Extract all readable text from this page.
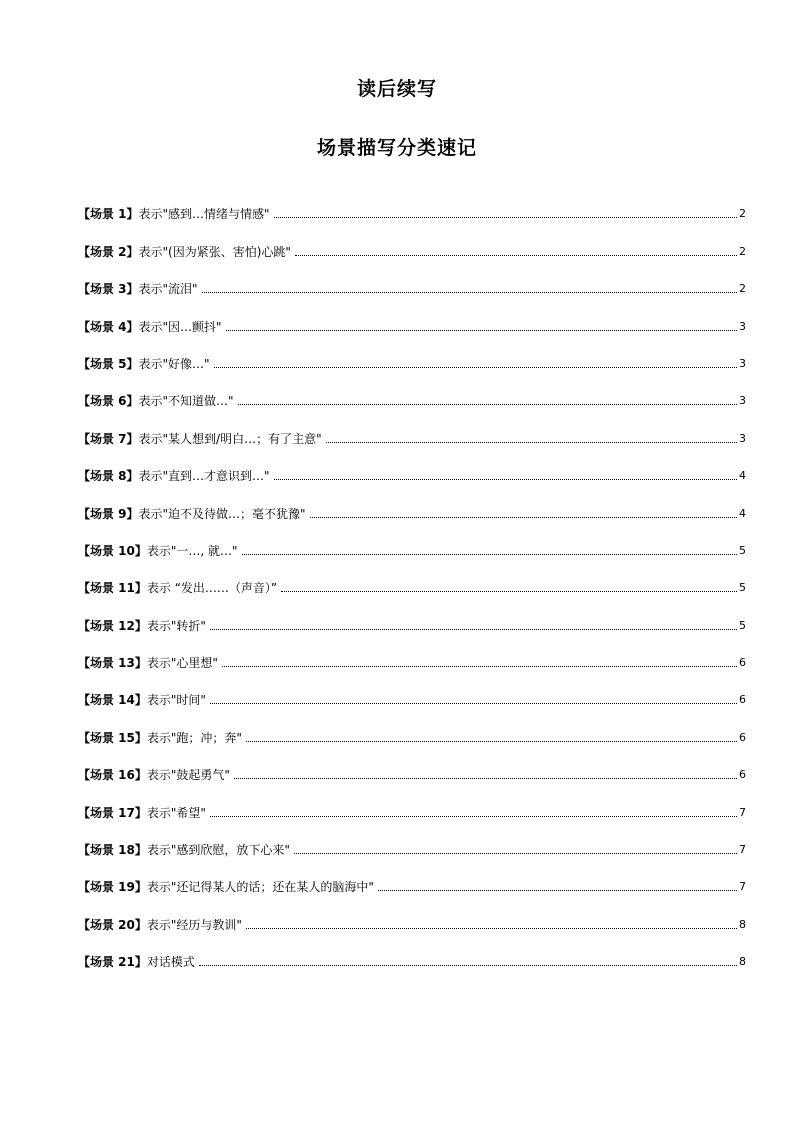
读后续写
场景描写分类速记
【场景 1】表示"感到…情绪与情感"	2
【场景 2】表示"(因为紧张、害怕)心跳"	2
【场景 3】表示"流泪"	2
【场景 4】表示"因…颤抖"	3
【场景 5】表示"好像…"	3
【场景 6】表示"不知道做…"	3
【场景 7】表示"某人想到/明白…；有了主意"	3
【场景 8】表示"直到…才意识到…"	4
【场景 9】表示"迫不及待做…；毫不犹豫"	4
【场景 10】表示"一…, 就…"	5
【场景 11】表示 “发出……（声音）”	5
【场景 12】表示"转折"	5
【场景 13】表示"心里想"	6
【场景 14】表示"时间"	6
【场景 15】表示"跑；冲；奔"	6
【场景 16】表示"鼓起勇气"	6
【场景 17】表示"希望"	7
【场景 18】表示"感到欣慰，放下心来"	7
【场景 19】表示"还记得某人的话；还在某人的脑海中"	7
【场景 20】表示"经历与教训"	8
【场景 21】对话模式	8
